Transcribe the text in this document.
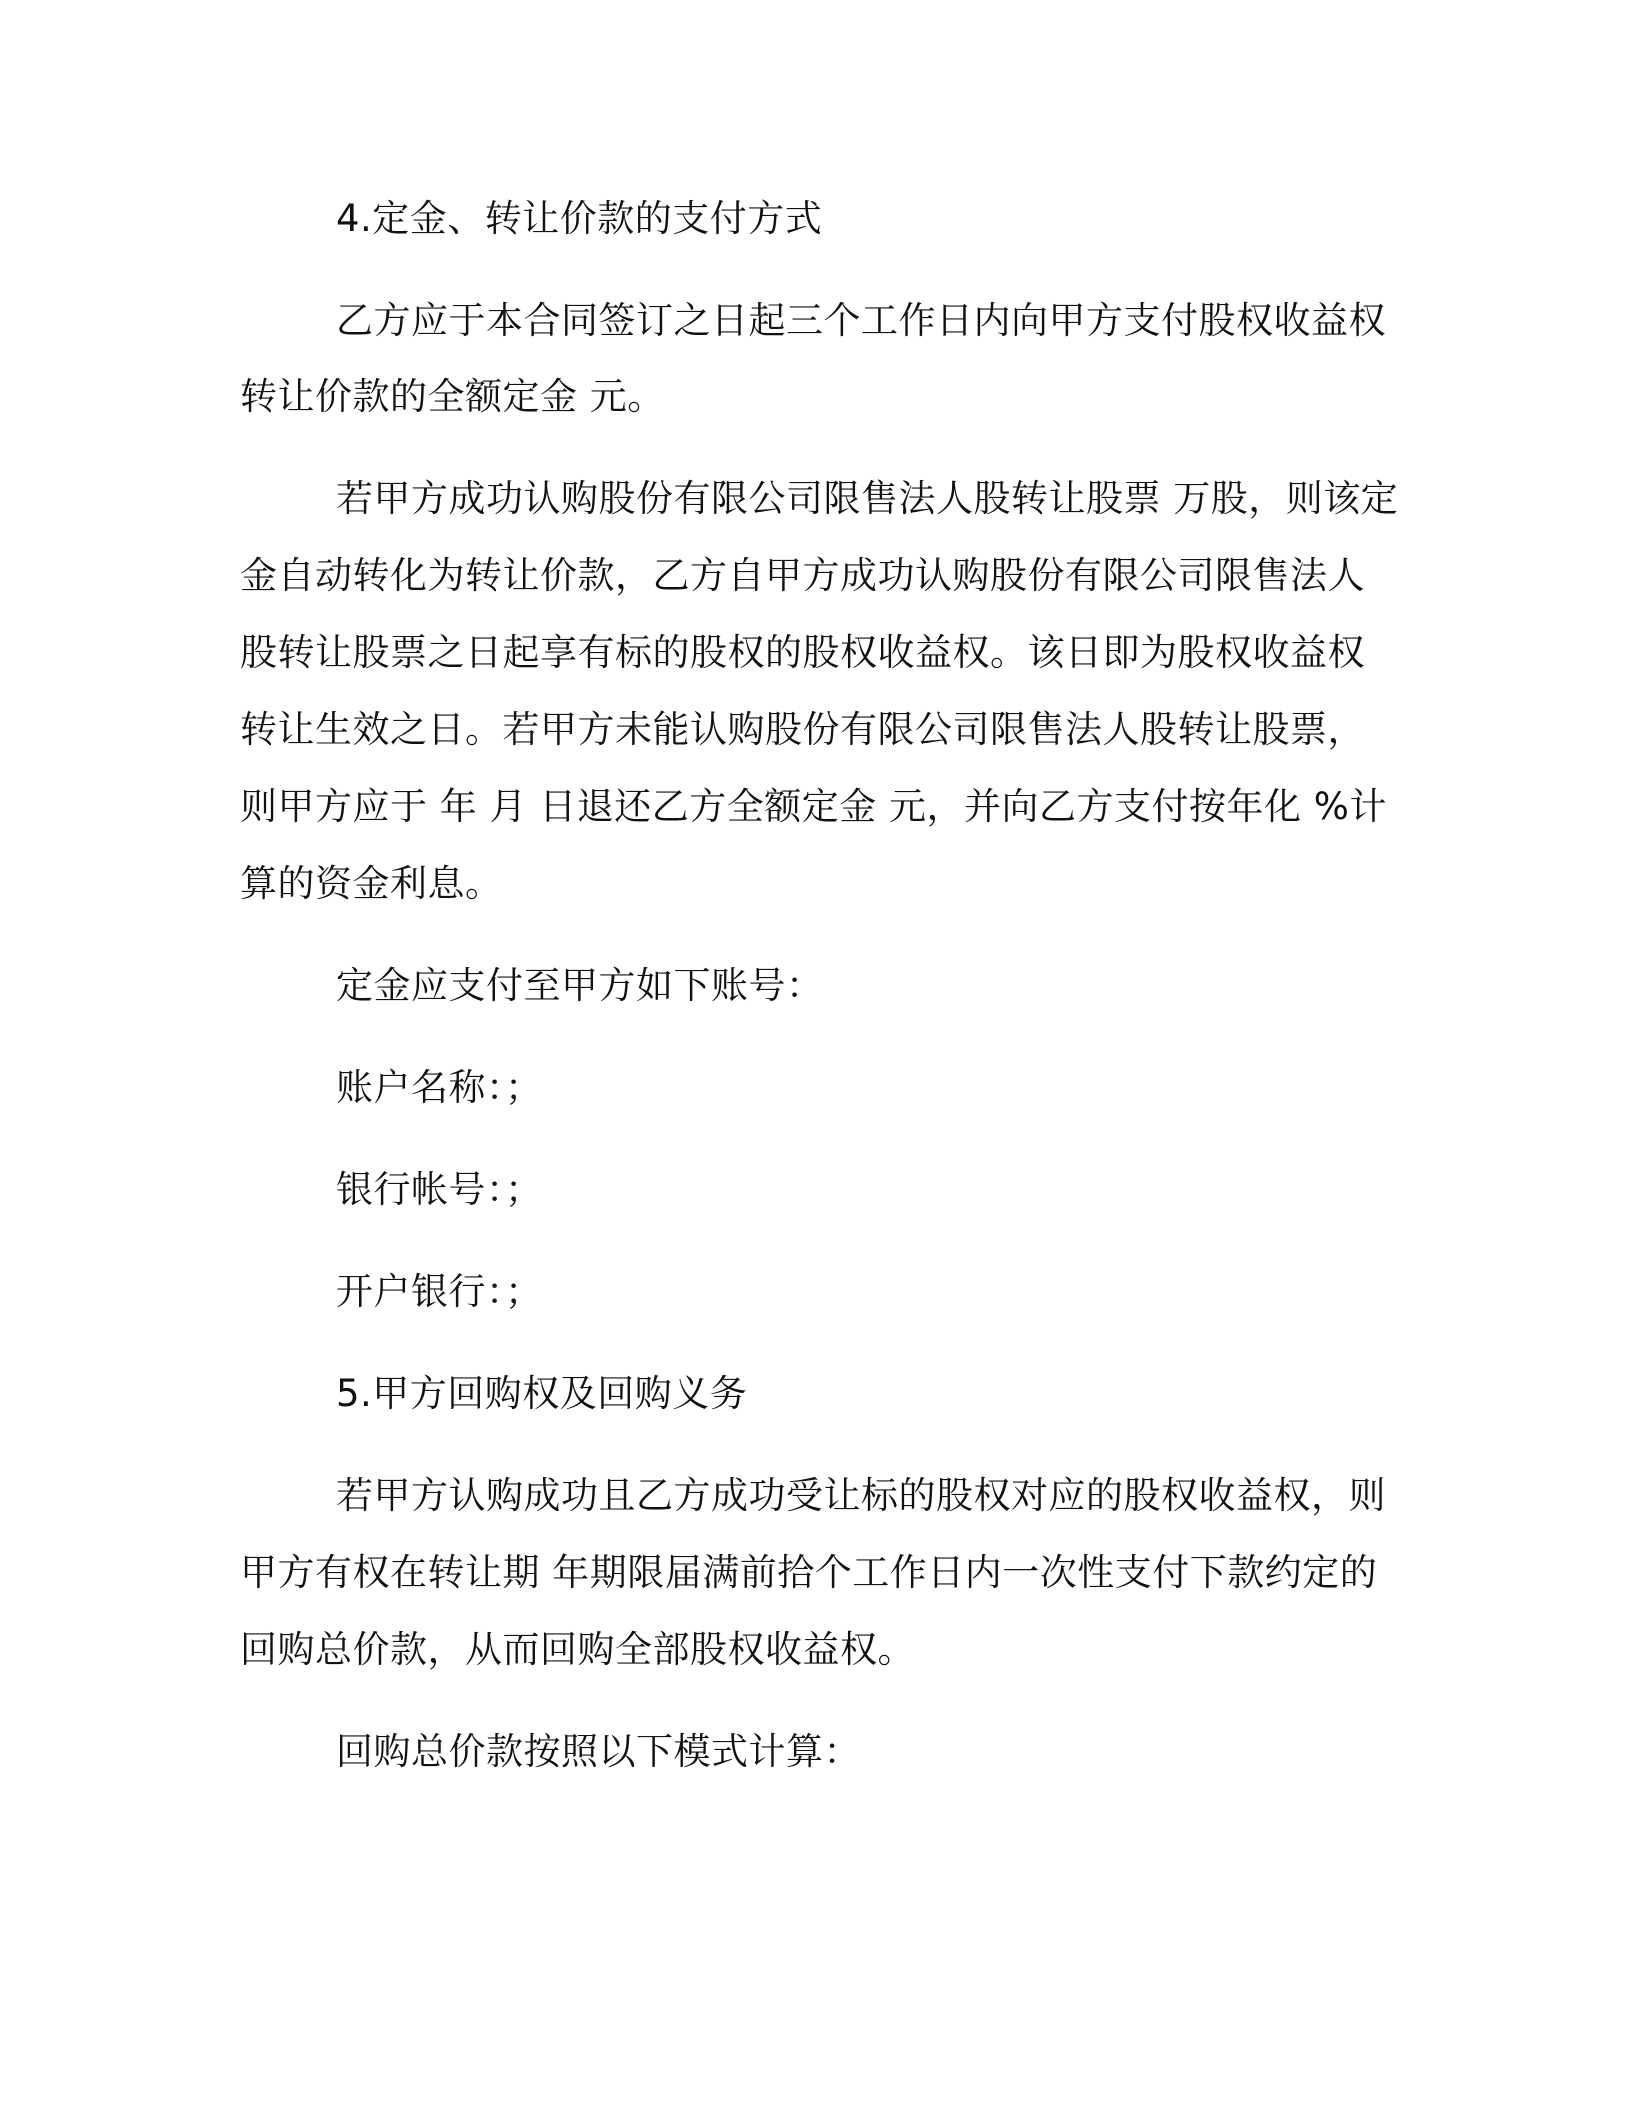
4.定金、转让价款的支付方式
乙方应于本合同签订之日起三个工作日内向甲方支付股权收益权
转让价款的全额定金 元。
若甲方成功认购股份有限公司限售法人股转让股票 万股，则该定
金自动转化为转让价款，乙方自甲方成功认购股份有限公司限售法人
股转让股票之日起享有标的股权的股权收益权。该日即为股权收益权
转让生效之日。若甲方未能认购股份有限公司限售法人股转让股票，
则甲方应于 年 月 日退还乙方全额定金 元，并向乙方支付按年化 %计
算的资金利息。
定金应支付至甲方如下账号：
账户名称：；
银行帐号：；
开户银行：；
5.甲方回购权及回购义务
若甲方认购成功且乙方成功受让标的股权对应的股权收益权，则
甲方有权在转让期 年期限届满前拾个工作日内一次性支付下款约定的
回购总价款，从而回购全部股权收益权。
回购总价款按照以下模式计算：
